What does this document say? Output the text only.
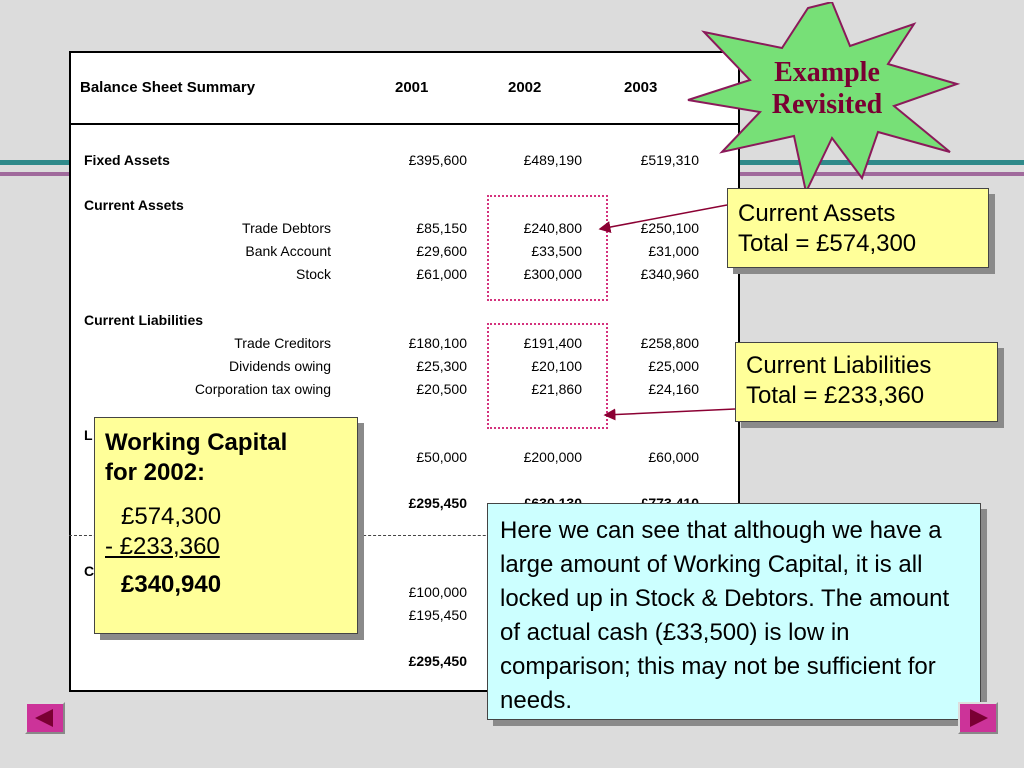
Balance Sheet Summary	2001	2002	2003
Fixed Assets	£395,600	£489,190	£519,310
Current Assets
Trade Debtors	£85,150	£240,800	£250,100
Bank Account	£29,600	£33,500	£31,000
Stock	£61,000	£300,000	£340,960
Current Liabilities
Trade Creditors	£180,100	£191,400	£258,800
Dividends owing	£25,300	£20,100	£25,000
Corporation tax owing	£20,500	£21,860	£24,160
L
£50,000	£200,000	£60,000
£295,450
C
£100,000
£195,450
£295,450
Example
Revisited
Current Assets
Total = £574,300
Current Liabilities
Total = £233,360
Working Capital
for 2002:
£574,300
- £233,360
£340,940
Here we can see that although we have a large amount of Working Capital, it is all locked up in Stock & Debtors. The amount of actual cash (£33,500) is low in comparison; this may not be sufficient for needs.
